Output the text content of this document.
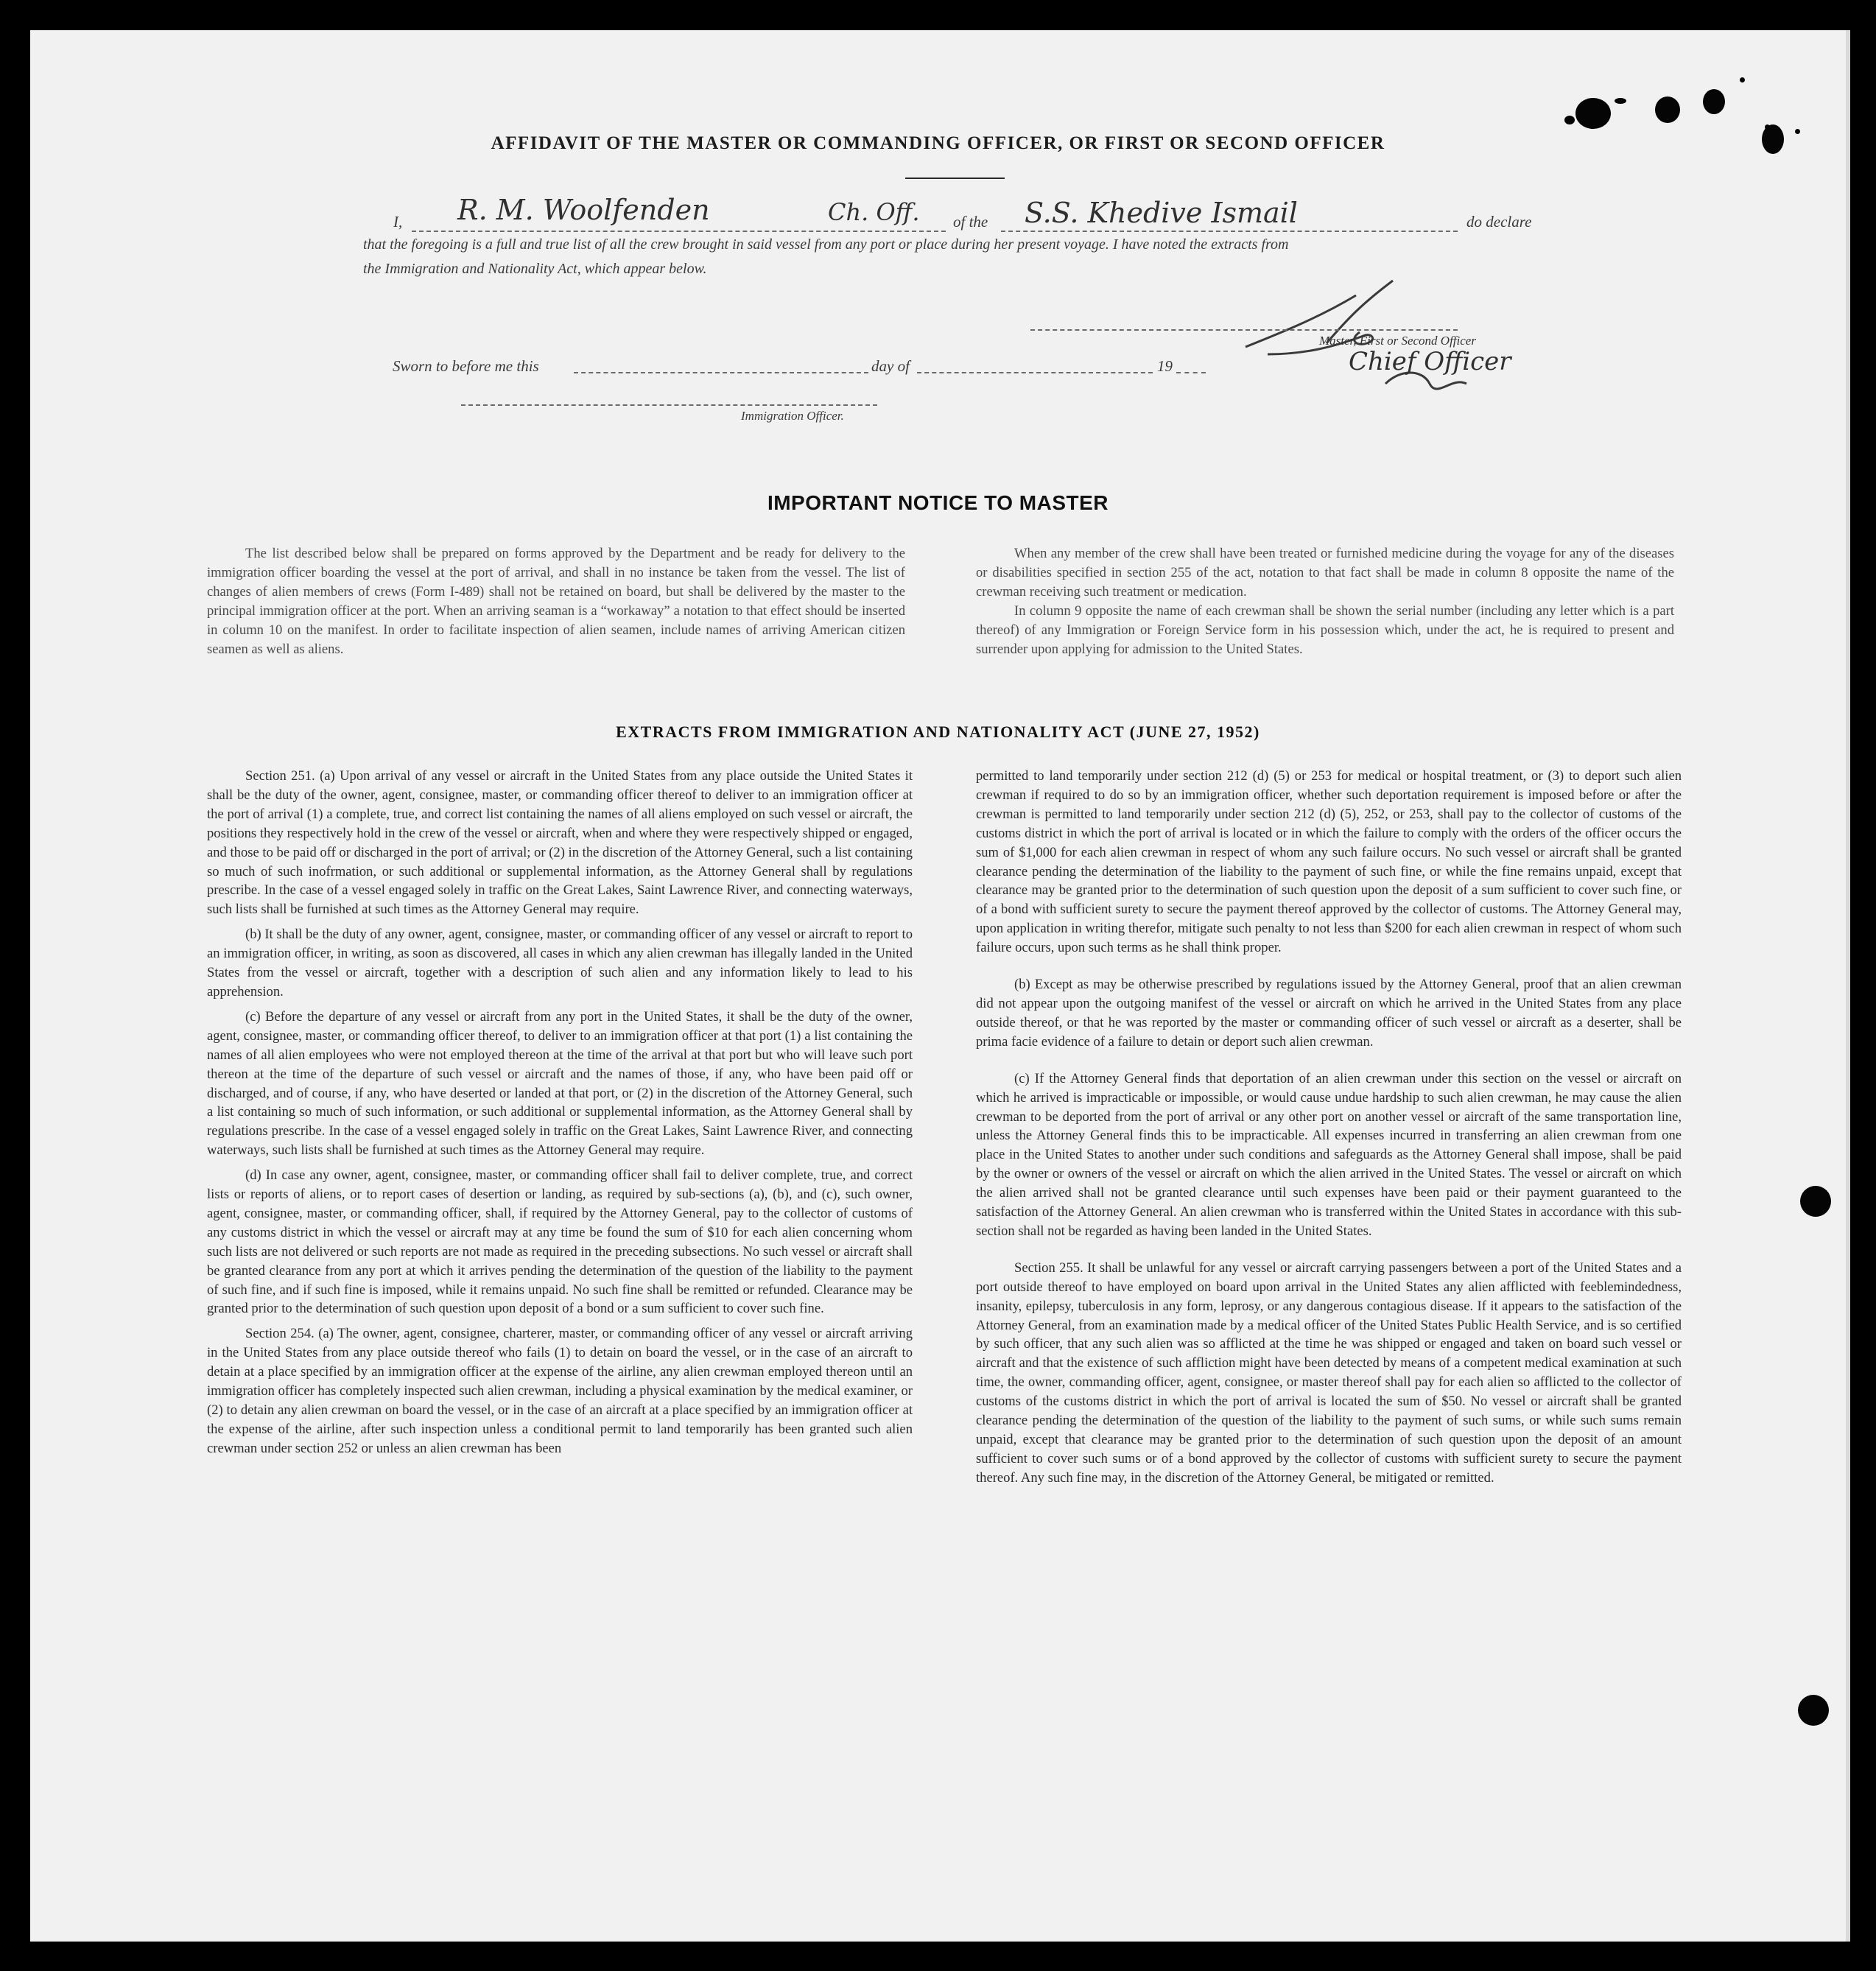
AFFIDAVIT OF THE MASTER OR COMMANDING OFFICER, OR FIRST OR SECOND OFFICER
I, R. M. Woolfenden	Ch. Off. of the S.S. Khedive Ismail	do declare
that the foregoing is a full and true list of all the crew brought in said vessel from any port or place during her present voyage. I have noted the extracts from
the Immigration and Nationality Act, which appear below.
Master, First or Second Officer
Chief Officer
Sworn to before me this	day of	19
Immigration Officer.
IMPORTANT NOTICE TO MASTER

The list described below shall be prepared on forms approved by the Department and be ready for delivery to the immigration officer boarding the vessel at the port of arrival, and shall in no instance be taken from the vessel. The list of changes of alien members of crews (Form I-489) shall not be retained on board, but shall be delivered by the master to the principal immigration officer at the port. When an arriving seaman is a “workaway” a notation to that effect should be inserted in column 10 on the manifest. In order to facilitate inspection of alien seamen, include names of arriving American citizen seamen as well as aliens.

When any member of the crew shall have been treated or furnished medicine during the voyage for any of the diseases or disabilities specified in section 255 of the act, notation to that fact shall be made in column 8 opposite the name of the crewman receiving such treatment or medication.

In column 9 opposite the name of each crewman shall be shown the serial number (including any letter which is a part thereof) of any Immigration or Foreign Service form in his possession which, under the act, he is required to present and surrender upon applying for admission to the United States.

EXTRACTS FROM IMMIGRATION AND NATIONALITY ACT (JUNE 27, 1952)

Section 251. (a) Upon arrival of any vessel or aircraft in the United States from any place outside the United States it shall be the duty of the owner, agent, consignee, master, or commanding officer thereof to deliver to an immigration officer at the port of arrival (1) a complete, true, and correct list containing the names of all aliens employed on such vessel or aircraft, the positions they respectively hold in the crew of the vessel or aircraft, when and where they were respectively shipped or engaged, and those to be paid off or discharged in the port of arrival; or (2) in the discretion of the Attorney General, such a list containing so much of such inofrmation, or such additional or supplemental information, as the Attorney General shall by regulations prescribe. In the case of a vessel engaged solely in traffic on the Great Lakes, Saint Lawrence River, and connecting waterways, such lists shall be furnished at such times as the Attorney General may require.

(b) It shall be the duty of any owner, agent, consignee, master, or commanding officer of any vessel or aircraft to report to an immigration officer, in writing, as soon as discovered, all cases in which any alien crewman has illegally landed in the United States from the vessel or aircraft, together with a description of such alien and any information likely to lead to his apprehension.

(c) Before the departure of any vessel or aircraft from any port in the United States, it shall be the duty of the owner, agent, consignee, master, or commanding officer thereof, to deliver to an immigration officer at that port (1) a list containing the names of all alien employees who were not employed thereon at the time of the arrival at that port but who will leave such port thereon at the time of the departure of such vessel or aircraft and the names of those, if any, who have been paid off or discharged, and of course, if any, who have deserted or landed at that port, or (2) in the discretion of the Attorney General, such a list containing so much of such information, or such additional or supplemental information, as the Attorney General shall by regulations prescribe. In the case of a vessel engaged solely in traffic on the Great Lakes, Saint Lawrence River, and connecting waterways, such lists shall be furnished at such times as the Attorney General may require.

(d) In case any owner, agent, consignee, master, or commanding officer shall fail to deliver complete, true, and correct lists or reports of aliens, or to report cases of desertion or landing, as required by sub-sections (a), (b), and (c), such owner, agent, consignee, master, or commanding officer, shall, if required by the Attorney General, pay to the collector of customs of any customs district in which the vessel or aircraft may at any time be found the sum of $10 for each alien concerning whom such lists are not delivered or such reports are not made as required in the preceding subsections. No such vessel or aircraft shall be granted clearance from any port at which it arrives pending the determination of the question of the liability to the payment of such fine, and if such fine is imposed, while it remains unpaid. No such fine shall be remitted or refunded. Clearance may be granted prior to the determination of such question upon deposit of a bond or a sum sufficient to cover such fine.

Section 254. (a) The owner, agent, consignee, charterer, master, or commanding officer of any vessel or aircraft arriving in the United States from any place outside thereof who fails (1) to detain on board the vessel, or in the case of an aircraft to detain at a place specified by an immigration officer at the expense of the airline, any alien crewman employed thereon until an immigration officer has completely inspected such alien crewman, including a physical examination by the medical examiner, or (2) to detain any alien crewman on board the vessel, or in the case of an aircraft at a place specified by an immigration officer at the expense of the airline, after such inspection unless a conditional permit to land temporarily has been granted such alien crewman under section 252 or unless an alien crewman has been

permitted to land temporarily under section 212 (d) (5) or 253 for medical or hospital treatment, or (3) to deport such alien crewman if required to do so by an immigration officer, whether such deportation requirement is imposed before or after the crewman is permitted to land temporarily under section 212 (d) (5), 252, or 253, shall pay to the collector of customs of the customs district in which the port of arrival is located or in which the failure to comply with the orders of the officer occurs the sum of $1,000 for each alien crewman in respect of whom any such failure occurs. No such vessel or aircraft shall be granted clearance pending the determination of the liability to the payment of such fine, or while the fine remains unpaid, except that clearance may be granted prior to the determination of such question upon the deposit of a sum sufficient to cover such fine, or of a bond with sufficient surety to secure the payment thereof approved by the collector of customs. The Attorney General may, upon application in writing therefor, mitigate such penalty to not less than $200 for each alien crewman in respect of whom such failure occurs, upon such terms as he shall think proper.

(b) Except as may be otherwise prescribed by regulations issued by the Attorney General, proof that an alien crewman did not appear upon the outgoing manifest of the vessel or aircraft on which he arrived in the United States from any place outside thereof, or that he was reported by the master or commanding officer of such vessel or aircraft as a deserter, shall be prima facie evidence of a failure to detain or deport such alien crewman.

(c) If the Attorney General finds that deportation of an alien crewman under this section on the vessel or aircraft on which he arrived is impracticable or impossible, or would cause undue hardship to such alien crewman, he may cause the alien crewman to be deported from the port of arrival or any other port on another vessel or aircraft of the same transportation line, unless the Attorney General finds this to be impracticable. All expenses incurred in transferring an alien crewman from one place in the United States to another under such conditions and safeguards as the Attorney General shall impose, shall be paid by the owner or owners of the vessel or aircraft on which the alien arrived in the United States. The vessel or aircraft on which the alien arrived shall not be granted clearance until such expenses have been paid or their payment guaranteed to the satisfaction of the Attorney General. An alien crewman who is transferred within the United States in accordance with this sub-section shall not be regarded as having been landed in the United States.

Section 255. It shall be unlawful for any vessel or aircraft carrying passengers between a port of the United States and a port outside thereof to have employed on board upon arrival in the United States any alien afflicted with feeblemindedness, insanity, epilepsy, tuberculosis in any form, leprosy, or any dangerous contagious disease. If it appears to the satisfaction of the Attorney General, from an examination made by a medical officer of the United States Public Health Service, and is so certified by such officer, that any such alien was so afflicted at the time he was shipped or engaged and taken on board such vessel or aircraft and that the existence of such affliction might have been detected by means of a competent medical examination at such time, the owner, commanding officer, agent, consignee, or master thereof shall pay for each alien so afflicted to the collector of customs of the customs district in which the port of arrival is located the sum of $50. No vessel or aircraft shall be granted clearance pending the determination of the question of the liability to the payment of such sums, or while such sums remain unpaid, except that clearance may be granted prior to the determination of such question upon the deposit of an amount sufficient to cover such sums or of a bond approved by the collector of customs with sufficient surety to secure the payment thereof. Any such fine may, in the discretion of the Attorney General, be mitigated or remitted.
